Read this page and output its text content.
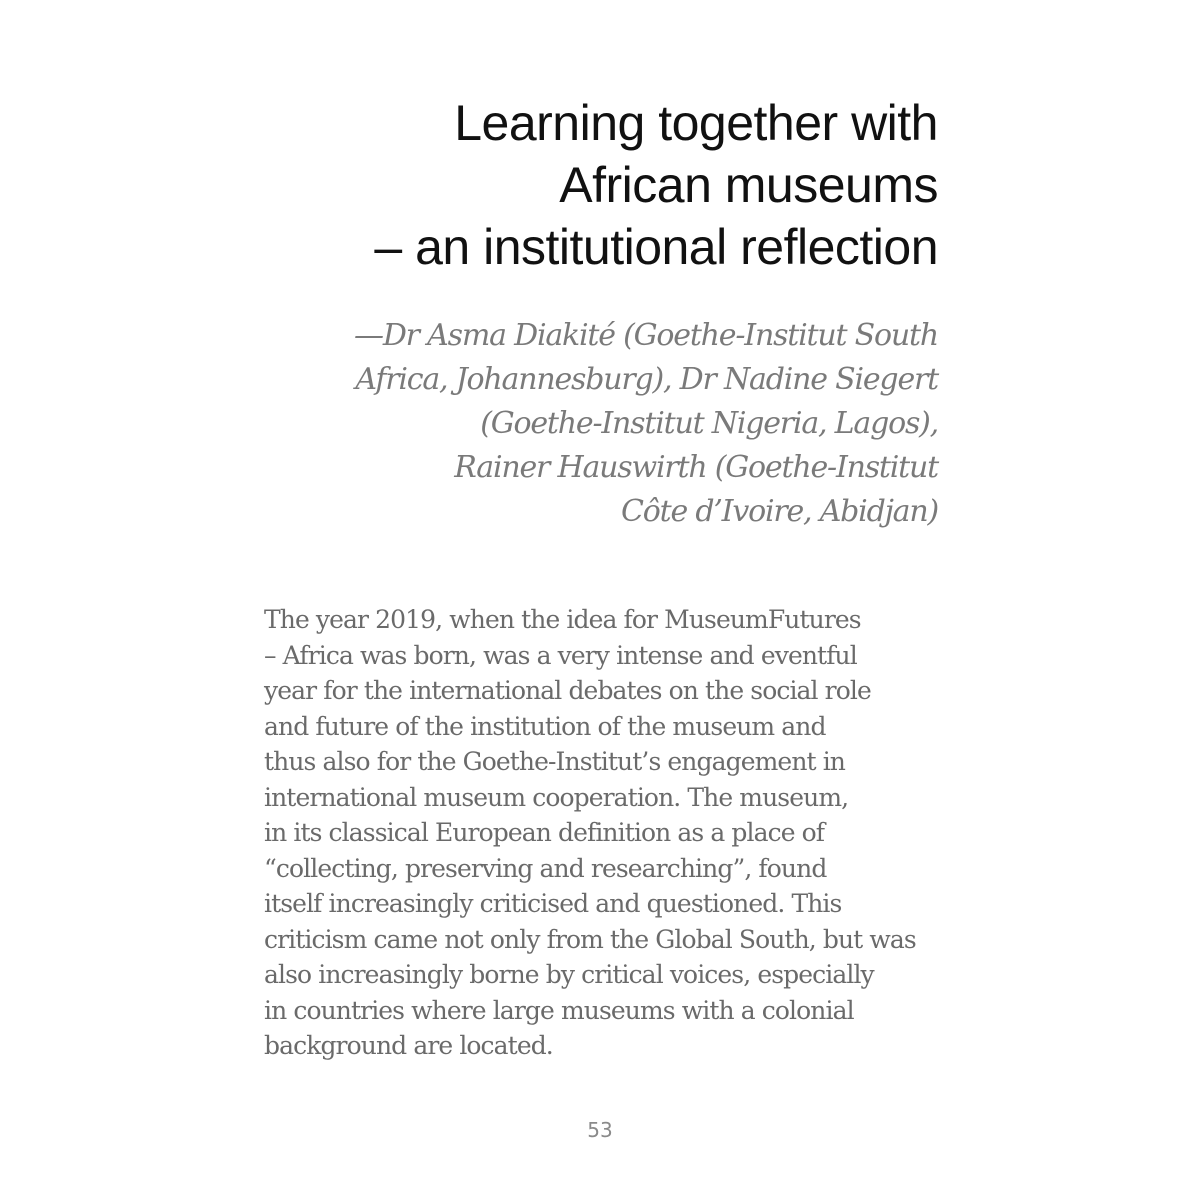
Learning together with
African museums
– an institutional reflection

—Dr Asma Diakité (Goethe-Institut South
Africa, Johannesburg), Dr Nadine Siegert
(Goethe-Institut Nigeria, Lagos),
Rainer Hauswirth (Goethe-Institut
Côte d’Ivoire, Abidjan)

The year 2019, when the idea for MuseumFutures
– Africa was born, was a very intense and eventful
year for the international debates on the social role
and future of the institution of the museum and
thus also for the Goethe-Institut’s engagement in
international museum cooperation. The museum,
in its classical European definition as a place of
“collecting, preserving and researching”, found
itself increasingly criticised and questioned. This
criticism came not only from the Global South, but was
also increasingly borne by critical voices, especially
in countries where large museums with a colonial
background are located.

53
